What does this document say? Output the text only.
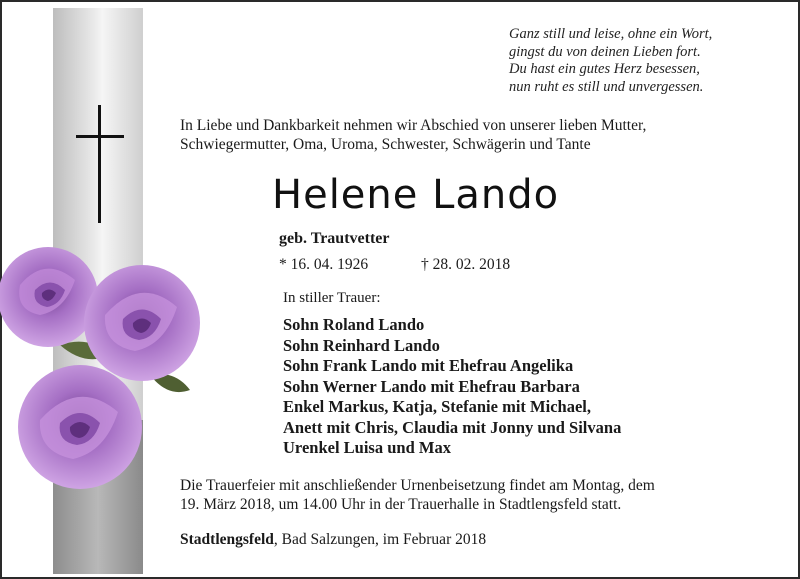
Ganz still und leise, ohne ein Wort,
gingst du von deinen Lieben fort.
Du hast ein gutes Herz besessen,
nun ruht es still und unvergessen.
In Liebe und Dankbarkeit nehmen wir Abschied von unserer lieben Mutter,
Schwiegermutter, Oma, Uroma, Schwester, Schwägerin und Tante
Helene Lando
geb. Trautvetter
* 16. 04. 1926	† 28. 02. 2018
In stiller Trauer:
Sohn Roland Lando
Sohn Reinhard Lando
Sohn Frank Lando mit Ehefrau Angelika
Sohn Werner Lando mit Ehefrau Barbara
Enkel Markus, Katja, Stefanie mit Michael,
Anett mit Chris, Claudia mit Jonny und Silvana
Urenkel Luisa und Max
Die Trauerfeier mit anschließender Urnenbeisetzung findet am Montag, dem
19. März 2018, um 14.00 Uhr in der Trauerhalle in Stadtlengsfeld statt.
Stadtlengsfeld, Bad Salzungen, im Februar 2018
